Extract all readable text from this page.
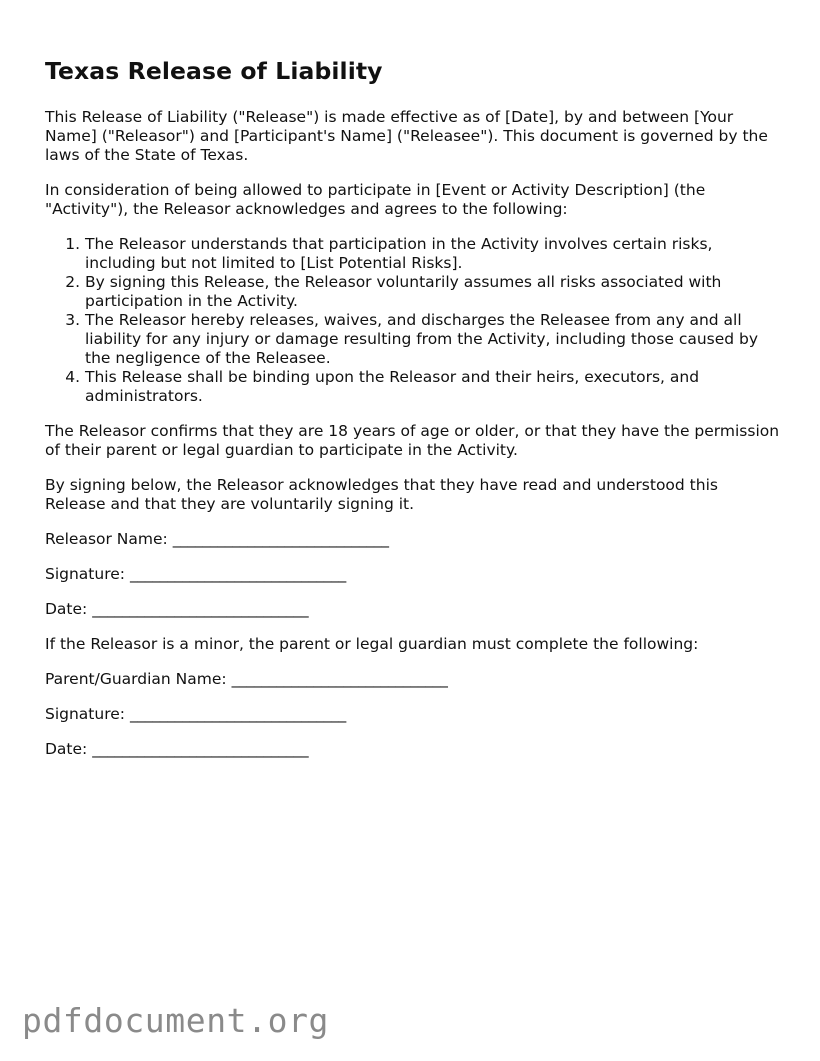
Texas Release of Liability

This Release of Liability ("Release") is made effective as of [Date], by and between [Your Name] ("Releasor") and [Participant's Name] ("Releasee"). This document is governed by the laws of the State of Texas.

In consideration of being allowed to participate in [Event or Activity Description] (the "Activity"), the Releasor acknowledges and agrees to the following:

1. The Releasor understands that participation in the Activity involves certain risks, including but not limited to [List Potential Risks].
2. By signing this Release, the Releasor voluntarily assumes all risks associated with participation in the Activity.
3. The Releasor hereby releases, waives, and discharges the Releasee from any and all liability for any injury or damage resulting from the Activity, including those caused by the negligence of the Releasee.
4. This Release shall be binding upon the Releasor and their heirs, executors, and administrators.

The Releasor confirms that they are 18 years of age or older, or that they have the permission of their parent or legal guardian to participate in the Activity.

By signing below, the Releasor acknowledges that they have read and understood this Release and that they are voluntarily signing it.

Releasor Name: _____________________________
Signature: _____________________________
Date: _____________________________

If the Releasor is a minor, the parent or legal guardian must complete the following:

Parent/Guardian Name: _____________________________
Signature: _____________________________
Date: _____________________________
pdfdocument.org
